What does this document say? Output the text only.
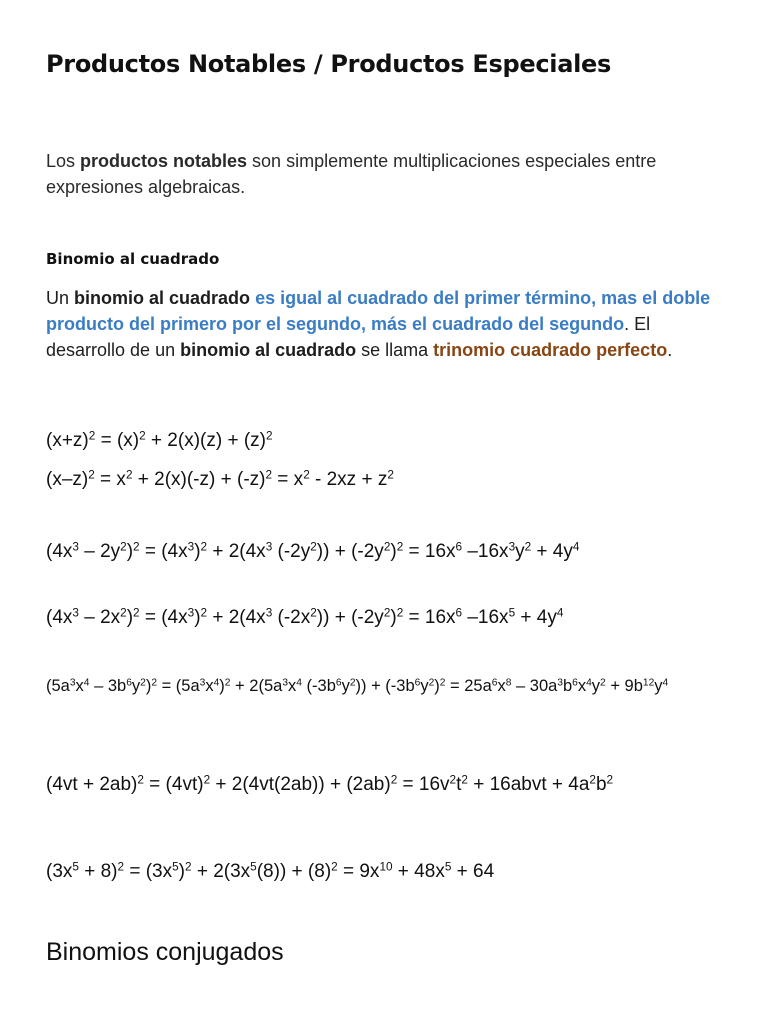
Productos Notables / Productos Especiales

Los productos notables son simplemente multiplicaciones especiales entre expresiones algebraicas.

Binomio al cuadrado

Un binomio al cuadrado es igual al cuadrado del primer término, mas el doble producto del primero por el segundo, más el cuadrado del segundo. El desarrollo de un binomio al cuadrado se llama trinomio cuadrado perfecto.

$(x+z)^2 = (x)^2 + 2(x)(z) + (z)^2$

$(x-z)^2 = x^2 + 2(x)(-z) + (-z)^2 = x^2 - 2xz + z^2$

$(4x^3 - 2y^2)^2 = (4x^3)^2 + 2(4x^3$ $(-2y^2)) + (-2y^2)^2 = 16x^6$ $-16x^3y^2 + 4y^4$

$(4x^3 - 2x^2)^2 = (4x^3)^2 + 2(4x^3$ $(-2x^2)) + (-2y^2)^2 = 16x^6$ $-16x^5 + 4y^4$

$(5a^3x^4 - 3b^6y^2)^2 = (5a^3x^4)^2 + 2(5a^3x^4$ $(-3b^6y^2)) + (-3b^6y^2)^2 = 25a^6x^8 - 30a^3b^6x^4y^2 + 9b^{12}y^4$

$(4vt + 2ab)^2 = (4vt)^2 + 2(4vt(2ab)) + (2ab)^2 = 16v^2t^2$ + 16abvt + $4a^2b^2$

$(3x^5 + 8)^2 = (3x^5)^2 + 2(3x^5(8)) + (8)^2 = 9x^{10} + 48x^5 + 64$

Binomios conjugados
